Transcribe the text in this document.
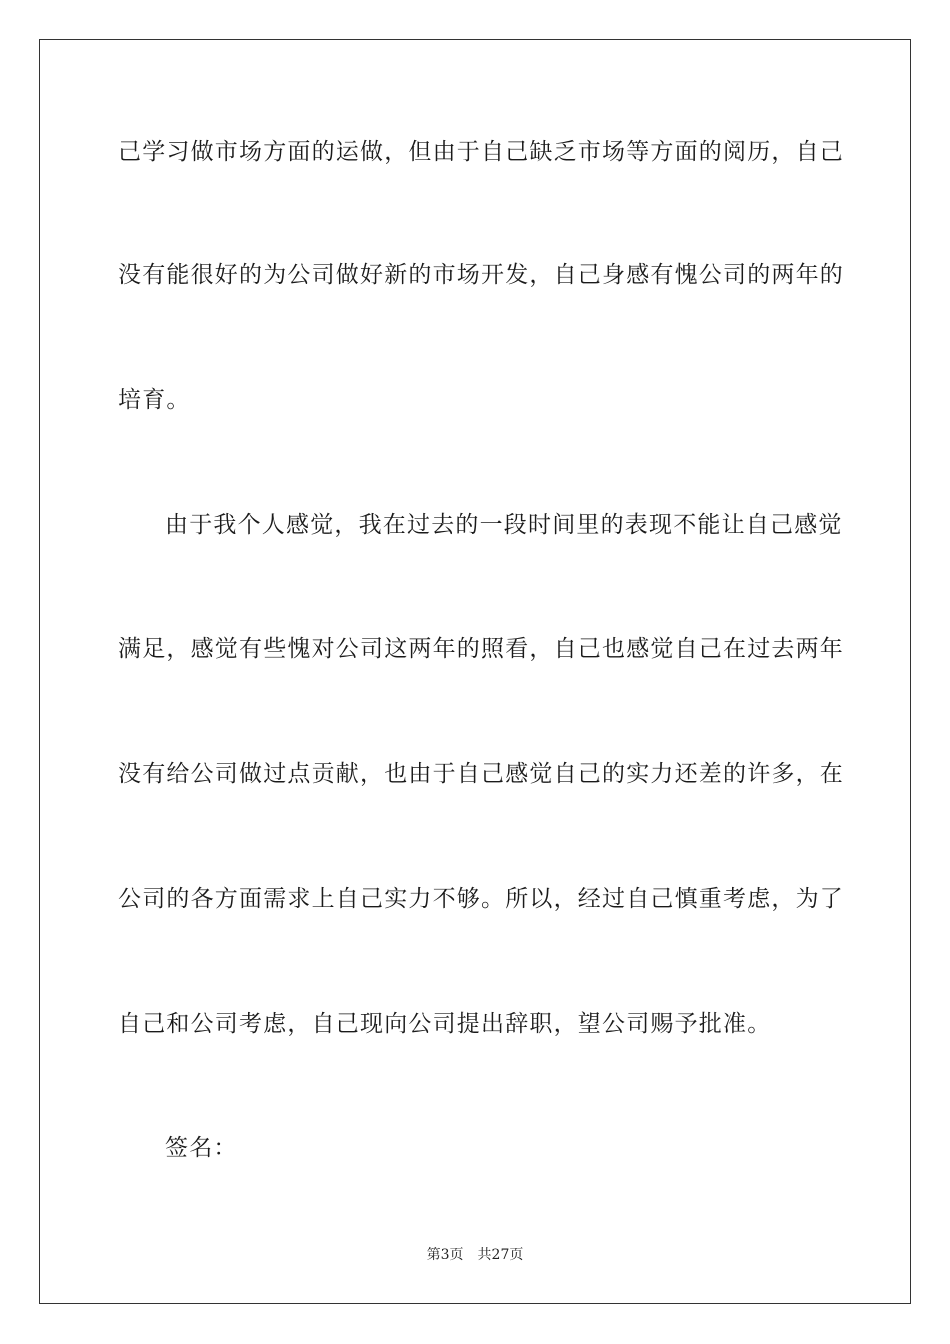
己学习做市场方面的运做，但由于自己缺乏市场等方面的阅历，自己
没有能很好的为公司做好新的市场开发，自己身感有愧公司的两年的
培育。
由于我个人感觉，我在过去的一段时间里的表现不能让自己感觉
满足，感觉有些愧对公司这两年的照看，自己也感觉自己在过去两年
没有给公司做过点贡献，也由于自己感觉自己的实力还差的许多，在
公司的各方面需求上自己实力不够。所以，经过自己慎重考虑，为了
自己和公司考虑，自己现向公司提出辞职，望公司赐予批准。
签名：
第3页 共27页
